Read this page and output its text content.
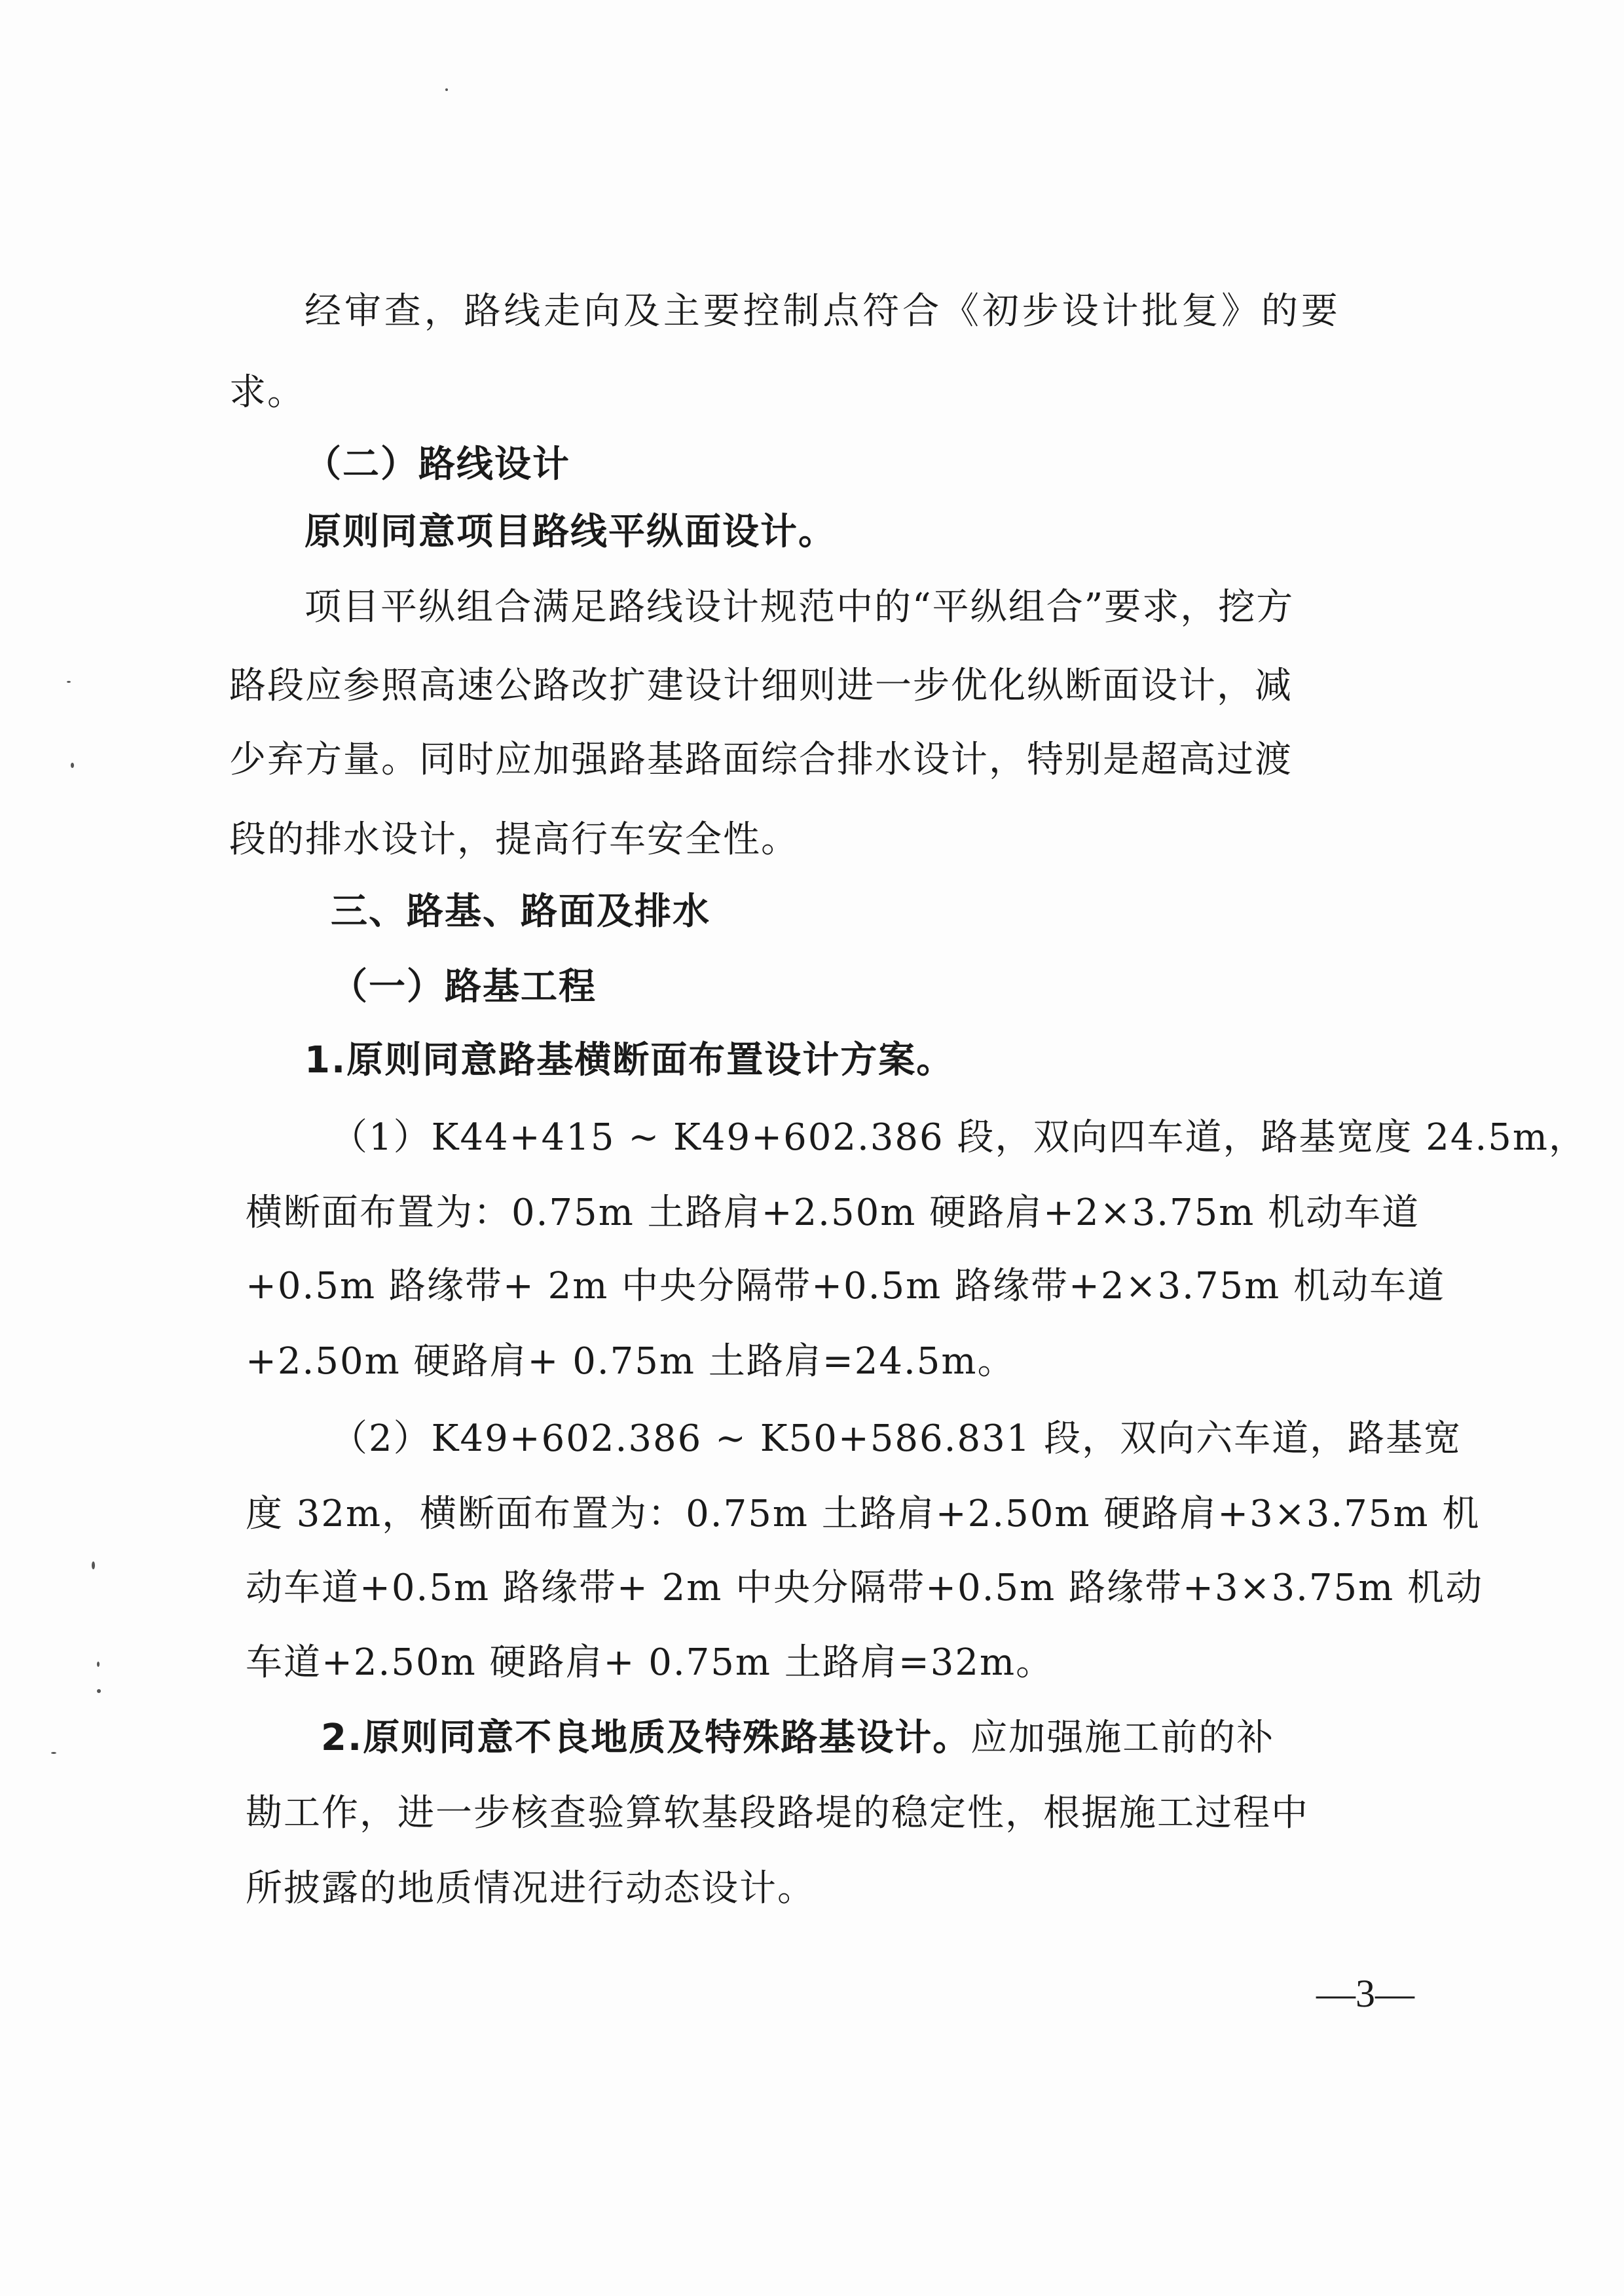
经 审 查 ， 路 线 走 向 及 主 要 控 制 点 符 合 《 初 步 设 计 批 复 》 的 要
求。
（二）路线设计
原则同意项目路线平纵面设计。
项目平纵组合满足路线设计规范中的“平纵组合”要求，挖方
路段应参照高速公路改扩建设计细则进一步优化纵断面设计，减
少弃方量。同时应加强路基路面综合排水设计，特别是超高过渡
段的排水设计，提高行车安全性。
三、路基、路面及排水
（一）路基工程
1.原则同意路基横断面布置设计方案。
（1）K44+415 ~ K49+602.386 段，双向四车道，路基宽度 24.5m，
横断面布置为：0.75m 土路肩+2.50m 硬路肩+2×3.75m 机动车道
+0.5m 路缘带+ 2m 中央分隔带+0.5m 路缘带+2×3.75m 机动车道
+2.50m 硬路肩+ 0.75m 土路肩=24.5m。
（2）K49+602.386 ~ K50+586.831 段，双向六车道，路基宽
度 32m，横断面布置为：0.75m 土路肩+2.50m 硬路肩+3×3.75m 机
动车道+0.5m 路缘带+ 2m 中央分隔带+0.5m 路缘带+3×3.75m 机动
车道+2.50m 硬路肩+ 0.75m 土路肩=32m。
2.原则同意不良地质及特殊路基设计。应加强施工前的补
勘工作，进一步核查验算软基段路堤的稳定性，根据施工过程中
所披露的地质情况进行动态设计。
—3—
